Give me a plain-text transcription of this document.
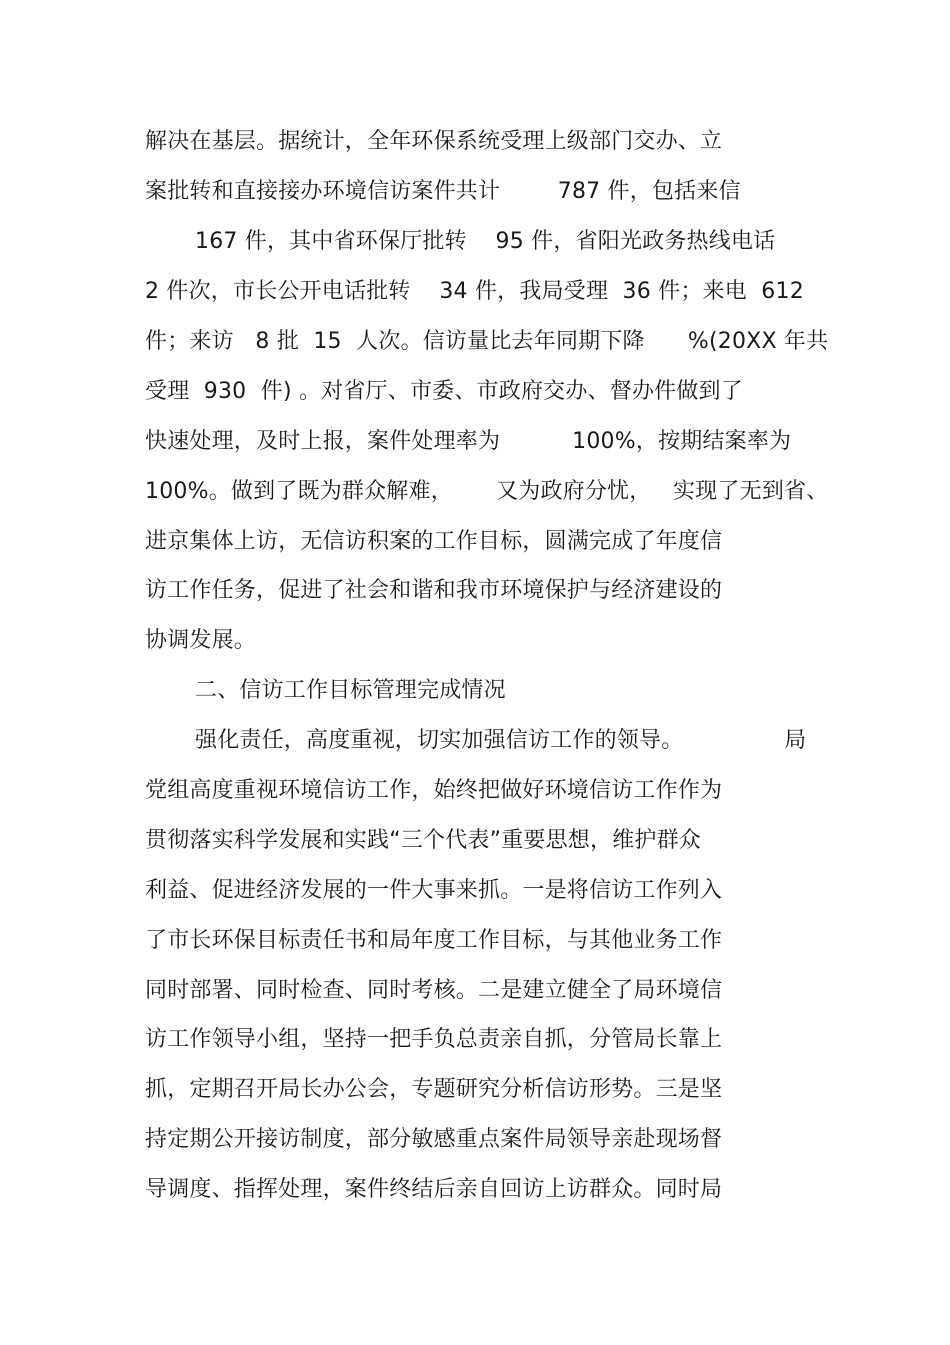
解决在基层。据统计，全年环保系统受理上级部门交办、立
案批转和直接接办环境信访案件共计        787 件，包括来信
167 件，其中省环保厅批转    95 件，省阳光政务热线电话
2 件次，市长公开电话批转    34 件，我局受理  36 件；来电  612
件；来访   8 批  15  人次。信访量比去年同期下降      %(20XX 年共
受理  930  件) 。对省厅、市委、市政府交办、督办件做到了
快速处理，及时上报，案件处理率为          100%，按期结案率为
100%。做到了既为群众解难，      又为政府分忧，   实现了无到省、
进京集体上访，无信访积案的工作目标，圆满完成了年度信
访工作任务，促进了社会和谐和我市环境保护与经济建设的
协调发展。
二、信访工作目标管理完成情况
强化责任，高度重视，切实加强信访工作的领导。              局
党组高度重视环境信访工作，始终把做好环境信访工作作为
贯彻落实科学发展和实践“三个代表”重要思想，维护群众
利益、促进经济发展的一件大事来抓。一是将信访工作列入
了市长环保目标责任书和局年度工作目标，与其他业务工作
同时部署、同时检查、同时考核。二是建立健全了局环境信
访工作领导小组，坚持一把手负总责亲自抓，分管局长靠上
抓，定期召开局长办公会，专题研究分析信访形势。三是坚
持定期公开接访制度，部分敏感重点案件局领导亲赴现场督
导调度、指挥处理，案件终结后亲自回访上访群众。同时局
